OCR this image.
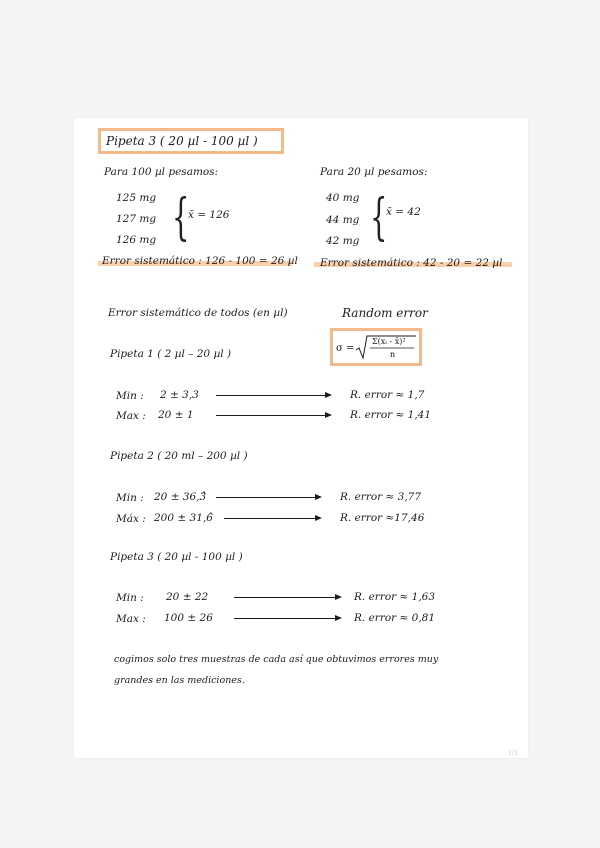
Pipeta 3 ( 20 µl - 100 µl )
Para 100 µl pesamos:
125 mg
127 mg
126 mg {
x̄ = 126
Para 20 µl pesamos:
40 mg
44 mg
42 mg {
x̄ = 42
Error sistemático : 126 - 100 = 26 µl Error sistemático : 42 - 20 = 22 µl
Error sistemático de todos (en µl)	Random error
σ =
Σ(xᵢ - x̄)²
n
Pipeta 1 ( 2 µl – 20 µl )
Min : 2 ± 3,3	R. error ≈ 1,7
Max : 20 ± 1	R. error ≈ 1,41
Pipeta 2 ( 20 ml – 200 µl )
Min : 20 ± 36,3̂	R. error ≈ 3,77
Máx : 200 ± 31,6̂	R. error ≈17,46
Pipeta 3 ( 20 µl - 100 µl )
Min : 20 ± 22	R. error ≈ 1,63
Max : 100 ± 26	R. error ≈ 0,81
cogimos solo tres muestras de cada así que obtuvimos errores muy
grandes en las mediciones.
1/3
